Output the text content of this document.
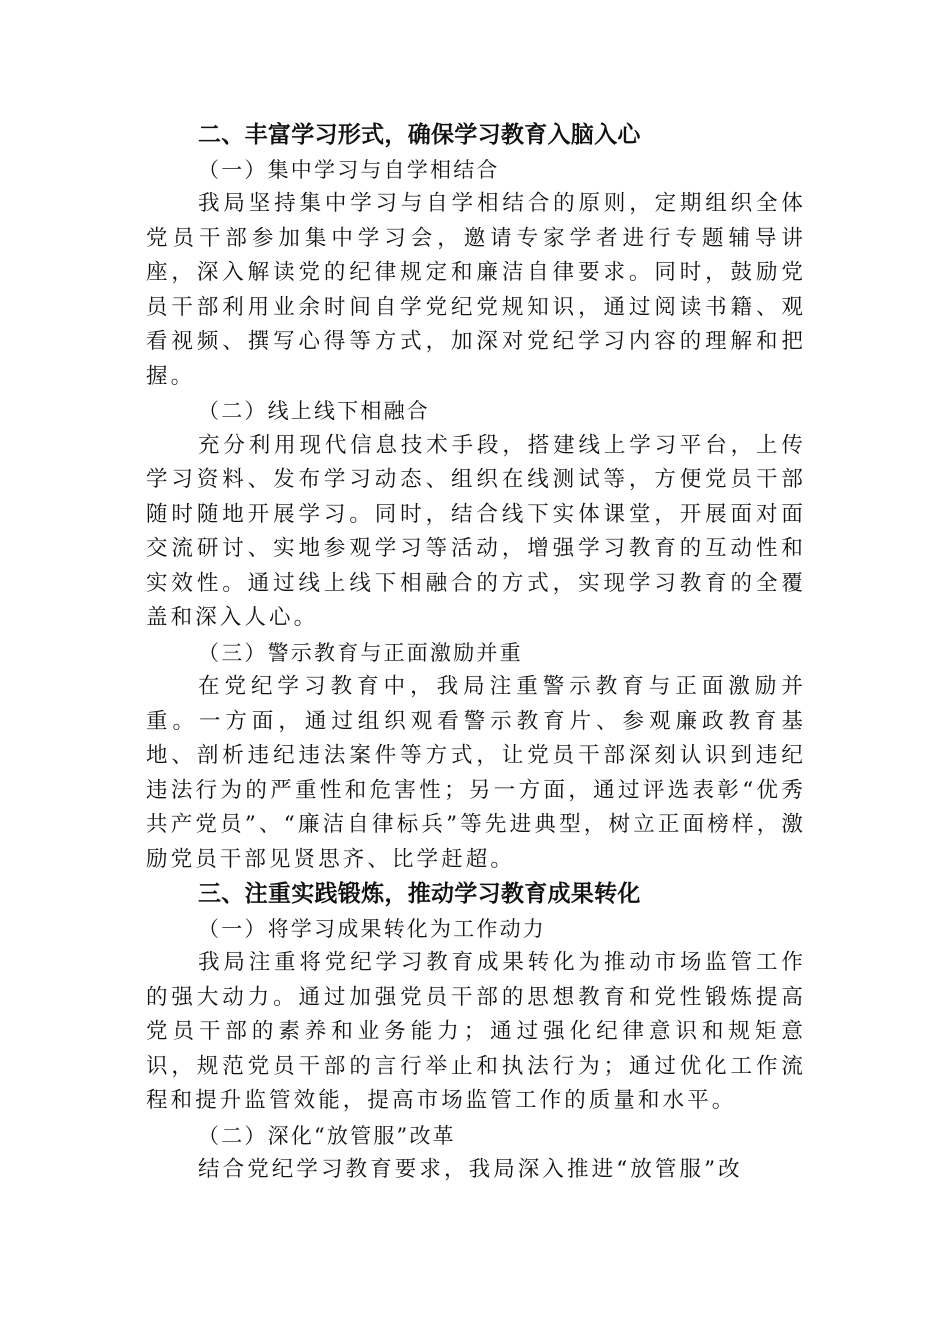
二、丰富学习形式，确保学习教育入脑入心
（一）集中学习与自学相结合

我局坚持集中学习与自学相结合的原则，定期组织全体党员干部参加集中学习会，邀请专家学者进行专题辅导讲座，深入解读党的纪律规定和廉洁自律要求。同时，鼓励党员干部利用业余时间自学党纪党规知识，通过阅读书籍、观看视频、撰写心得等方式，加深对党纪学习内容的理解和把握。

（二）线上线下相融合

充分利用现代信息技术手段，搭建线上学习平台，上传学习资料、发布学习动态、组织在线测试等，方便党员干部随时随地开展学习。同时，结合线下实体课堂，开展面对面交流研讨、实地参观学习等活动，增强学习教育的互动性和实效性。通过线上线下相融合的方式，实现学习教育的全覆盖和深入人心。

（三）警示教育与正面激励并重

在党纪学习教育中，我局注重警示教育与正面激励并重。一方面，通过组织观看警示教育片、参观廉政教育基地、剖析违纪违法案件等方式，让党员干部深刻认识到违纪违法行为的严重性和危害性；另一方面，通过评选表彰“优秀共产党员”、“廉洁自律标兵”等先进典型，树立正面榜样，激励党员干部见贤思齐、比学赶超。

三、注重实践锻炼，推动学习教育成果转化
（一）将学习成果转化为工作动力

我局注重将党纪学习教育成果转化为推动市场监管工作的强大动力。通过加强党员干部的思想教育和党性锻炼提高党员干部的素养和业务能力；通过强化纪律意识和规矩意识，规范党员干部的言行举止和执法行为；通过优化工作流程和提升监管效能，提高市场监管工作的质量和水平。

（二）深化“放管服”改革

结合党纪学习教育要求，我局深入推进“放管服”改
